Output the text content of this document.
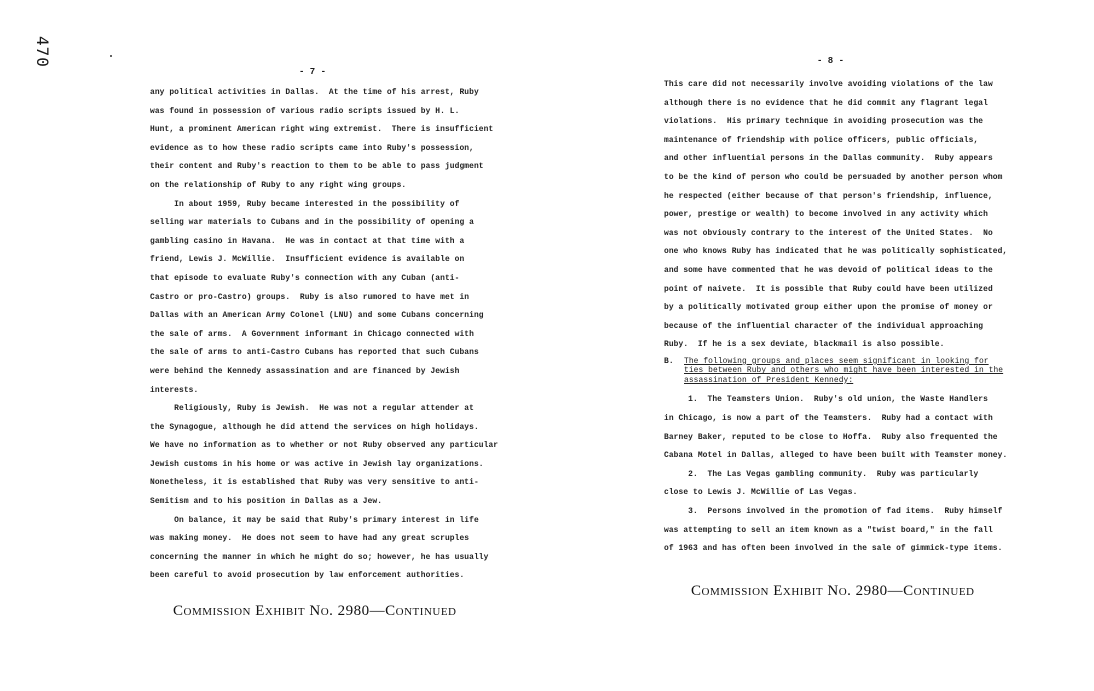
470
- 7 -

any political activities in Dallas.  At the time of his arrest, Ruby

was found in possession of various radio scripts issued by H. L.

Hunt, a prominent American right wing extremist.  There is insufficient

evidence as to how these radio scripts came into Ruby's possession,

their content and Ruby's reaction to them to be able to pass judgment

on the relationship of Ruby to any right wing groups.

In about 1959, Ruby became interested in the possibility of

selling war materials to Cubans and in the possibility of opening a

gambling casino in Havana.  He was in contact at that time with a

friend, Lewis J. McWillie.  Insufficient evidence is available on

that episode to evaluate Ruby's connection with any Cuban (anti-

Castro or pro-Castro) groups.  Ruby is also rumored to have met in

Dallas with an American Army Colonel (LNU) and some Cubans concerning

the sale of arms.  A Government informant in Chicago connected with

the sale of arms to anti-Castro Cubans has reported that such Cubans

were behind the Kennedy assassination and are financed by Jewish

interests.

Religiously, Ruby is Jewish.  He was not a regular attender at

the Synagogue, although he did attend the services on high holidays.

We have no information as to whether or not Ruby observed any particular

Jewish customs in his home or was active in Jewish lay organizations.

Nonetheless, it is established that Ruby was very sensitive to anti-

Semitism and to his position in Dallas as a Jew.

On balance, it may be said that Ruby's primary interest in life

was making money.  He does not seem to have had any great scruples

concerning the manner in which he might do so; however, he has usually

been careful to avoid prosecution by law enforcement authorities.

Commission Exhibit No. 2980—Continued
- 8 -

This care did not necessarily involve avoiding violations of the law

although there is no evidence that he did commit any flagrant legal

violations.  His primary technique in avoiding prosecution was the

maintenance of friendship with police officers, public officials,

and other influential persons in the Dallas community.  Ruby appears

to be the kind of person who could be persuaded by another person whom

he respected (either because of that person's friendship, influence,

power, prestige or wealth) to become involved in any activity which

was not obviously contrary to the interest of the United States.  No

one who knows Ruby has indicated that he was politically sophisticated,

and some have commented that he was devoid of political ideas to the

point of naivete.  It is possible that Ruby could have been utilized

by a politically motivated group either upon the promise of money or

because of the influential character of the individual approaching

Ruby.  If he is a sex deviate, blackmail is also possible.

B.	The following groups and places seem significant in looking for
ties between Ruby and others who might have been interested in the
assassination of President Kennedy:

1.  The Teamsters Union.  Ruby's old union, the Waste Handlers

in Chicago, is now a part of the Teamsters.  Ruby had a contact with

Barney Baker, reputed to be close to Hoffa.  Ruby also frequented the

Cabana Motel in Dallas, alleged to have been built with Teamster money.

2.  The Las Vegas gambling community.  Ruby was particularly

close to Lewis J. McWillie of Las Vegas.

3.  Persons involved in the promotion of fad items.  Ruby himself

was attempting to sell an item known as a "twist board," in the fall

of 1963 and has often been involved in the sale of gimmick-type items.

Commission Exhibit No. 2980—Continued
